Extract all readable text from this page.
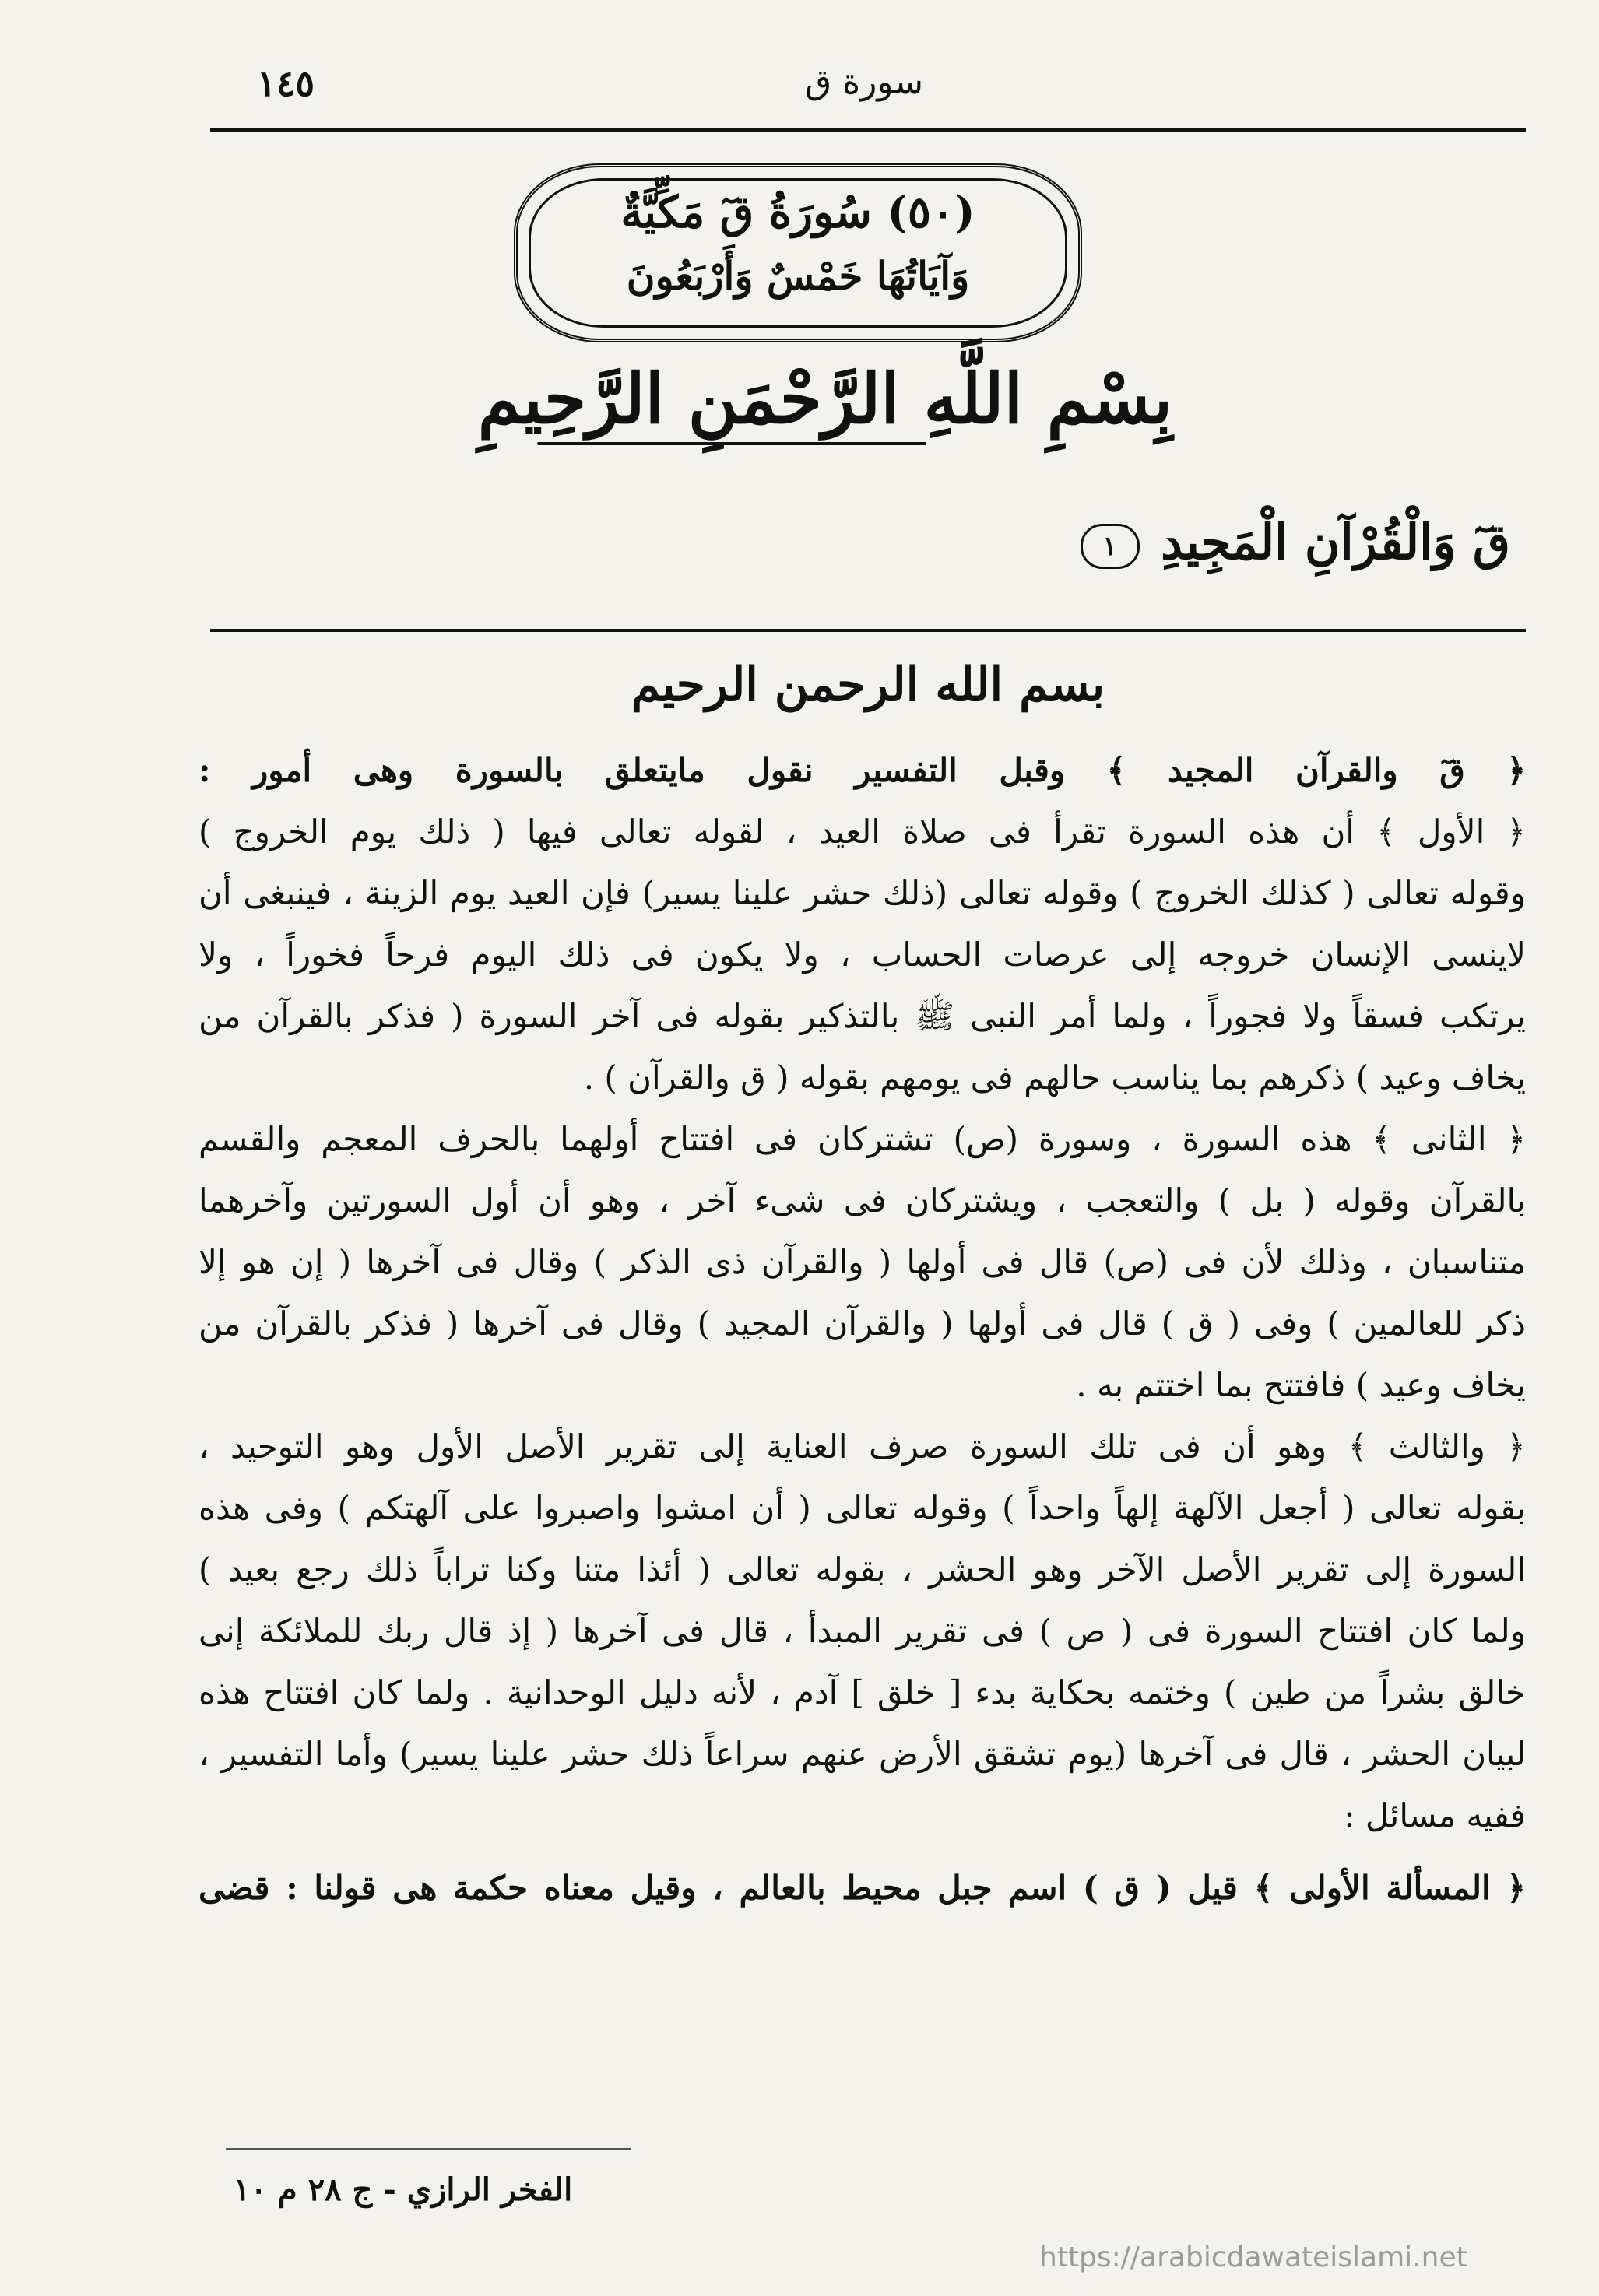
١٤٥	سورة ق
(٥٠) سُورَةُ قٓ مَكِّيَّةٌ
وَآيَاتُهَا خَمْسٌ وَأَرْبَعُونَ
بِسْمِ اللَّهِ الرَّحْمَنِ الرَّحِيمِ
قٓ وَالْقُرْآنِ الْمَجِيدِ ١
بسم الله الرحمن الرحيم
﴿ قٓ والقرآن المجيد ﴾ وقبل التفسير نقول مايتعلق بالسورة وهى أمور :
﴿ الأول ﴾ أن هذه السورة تقرأ فى صلاة العيد ، لقوله تعالى فيها ( ذلك يوم الخروج )
وقوله تعالى ( كذلك الخروج ) وقوله تعالى (ذلك حشر علينا يسير) فإن العيد يوم الزينة ، فينبغى أن
لاينسى الإنسان خروجه إلى عرصات الحساب ، ولا يكون فى ذلك اليوم فرحاً فخوراً ، ولا
يرتكب فسقاً ولا فجوراً ، ولما أمر النبى ﷺ بالتذكير بقوله فى آخر السورة ( فذكر بالقرآن من
يخاف وعيد ) ذكرهم بما يناسب حالهم فى يومهم بقوله ( ق والقرآن ) .
﴿ الثانى ﴾ هذه السورة ، وسورة (ص) تشتركان فى افتتاح أولهما بالحرف المعجم والقسم
بالقرآن وقوله ( بل ) والتعجب ، ويشتركان فى شىء آخر ، وهو أن أول السورتين وآخرهما
متناسبان ، وذلك لأن فى (ص) قال فى أولها ( والقرآن ذى الذكر ) وقال فى آخرها ( إن هو إلا
ذكر للعالمين ) وفى ( ق ) قال فى أولها ( والقرآن المجيد ) وقال فى آخرها ( فذكر بالقرآن من
يخاف وعيد ) فافتتح بما اختتم به .
﴿ والثالث ﴾ وهو أن فى تلك السورة صرف العناية إلى تقرير الأصل الأول وهو التوحيد ،
بقوله تعالى ( أجعل الآلهة إلهاً واحداً ) وقوله تعالى ( أن امشوا واصبروا على آلهتكم ) وفى هذه
السورة إلى تقرير الأصل الآخر وهو الحشر ، بقوله تعالى ( أئذا متنا وكنا تراباً ذلك رجع بعيد )
ولما كان افتتاح السورة فى ( ص ) فى تقرير المبدأ ، قال فى آخرها ( إذ قال ربك للملائكة إنى
خالق بشراً من طين ) وختمه بحكاية بدء [ خلق ] آدم ، لأنه دليل الوحدانية . ولما كان افتتاح هذه
لبيان الحشر ، قال فى آخرها (يوم تشقق الأرض عنهم سراعاً ذلك حشر علينا يسير) وأما التفسير ،
ففيه مسائل :
﴿ المسألة الأولى ﴾ قيل ( ق ) اسم جبل محيط بالعالم ، وقيل معناه حكمة هى قولنا : قضى
الفخر الرازي - ج ٢٨ م ١٠
https://arabicdawateislami.net
